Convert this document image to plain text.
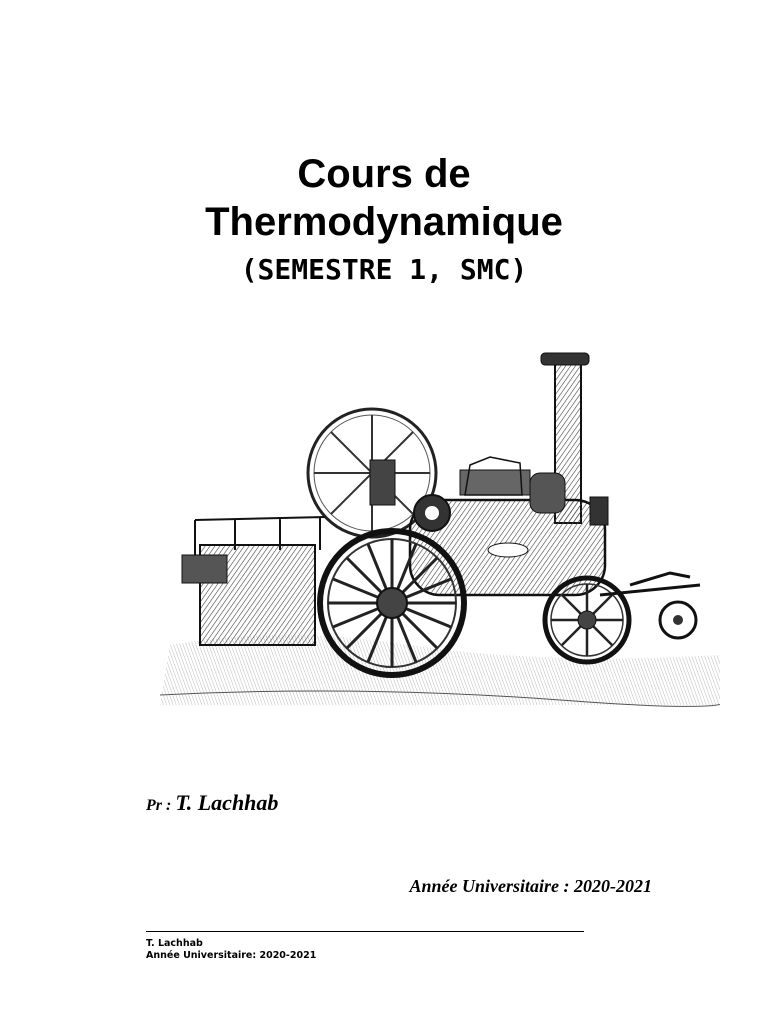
Cours de
Thermodynamique
(SEMESTRE 1, SMC)
Pr : T. Lachhab
Année Universitaire : 2020-2021
T. Lachhab
Année Universitaire: 2020-2021
